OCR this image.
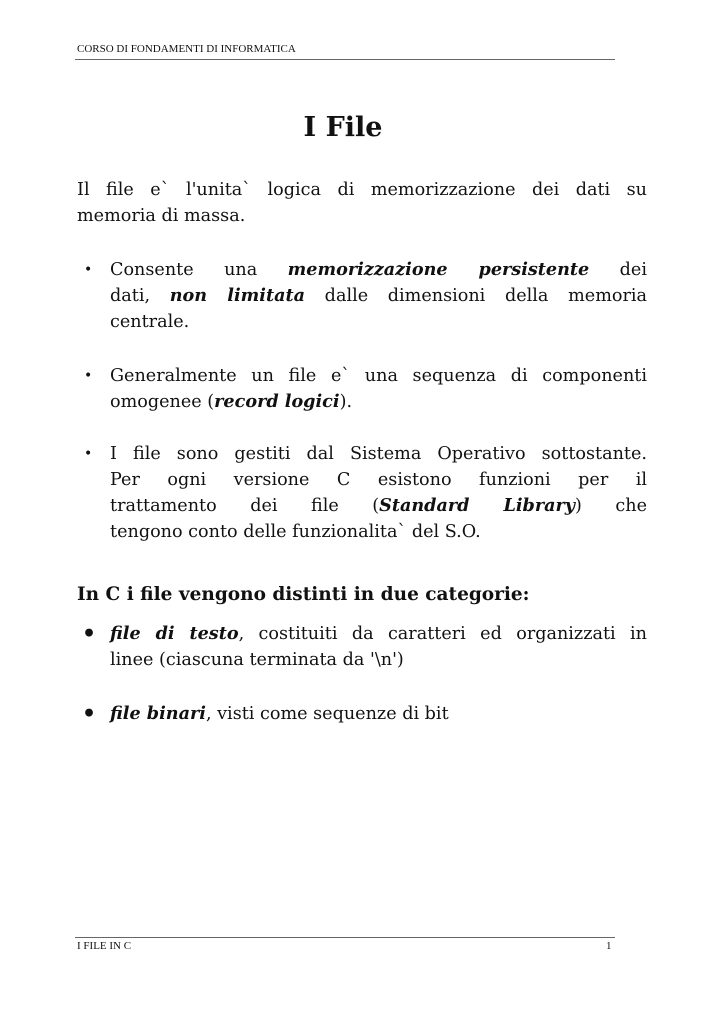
CORSO DI FONDAMENTI DI INFORMATICA
I File
Il file e` l'unita` logica di memorizzazione dei dati su
memoria di massa.
• Consente una memorizzazione persistente dei
dati, non limitata dalle dimensioni della memoria
centrale.
• Generalmente un file e` una sequenza di componenti
omogenee (record logici).
• I file sono gestiti dal Sistema Operativo sottostante.
Per ogni versione C esistono funzioni per il
trattamento dei file (Standard Library) che
tengono conto delle funzionalita` del S.O.
In C i file vengono distinti in due categorie:
• file di testo, costituiti da caratteri ed organizzati in
linee (ciascuna terminata da '\n')
• file binari, visti come sequenze di bit
I FILE IN C	1
